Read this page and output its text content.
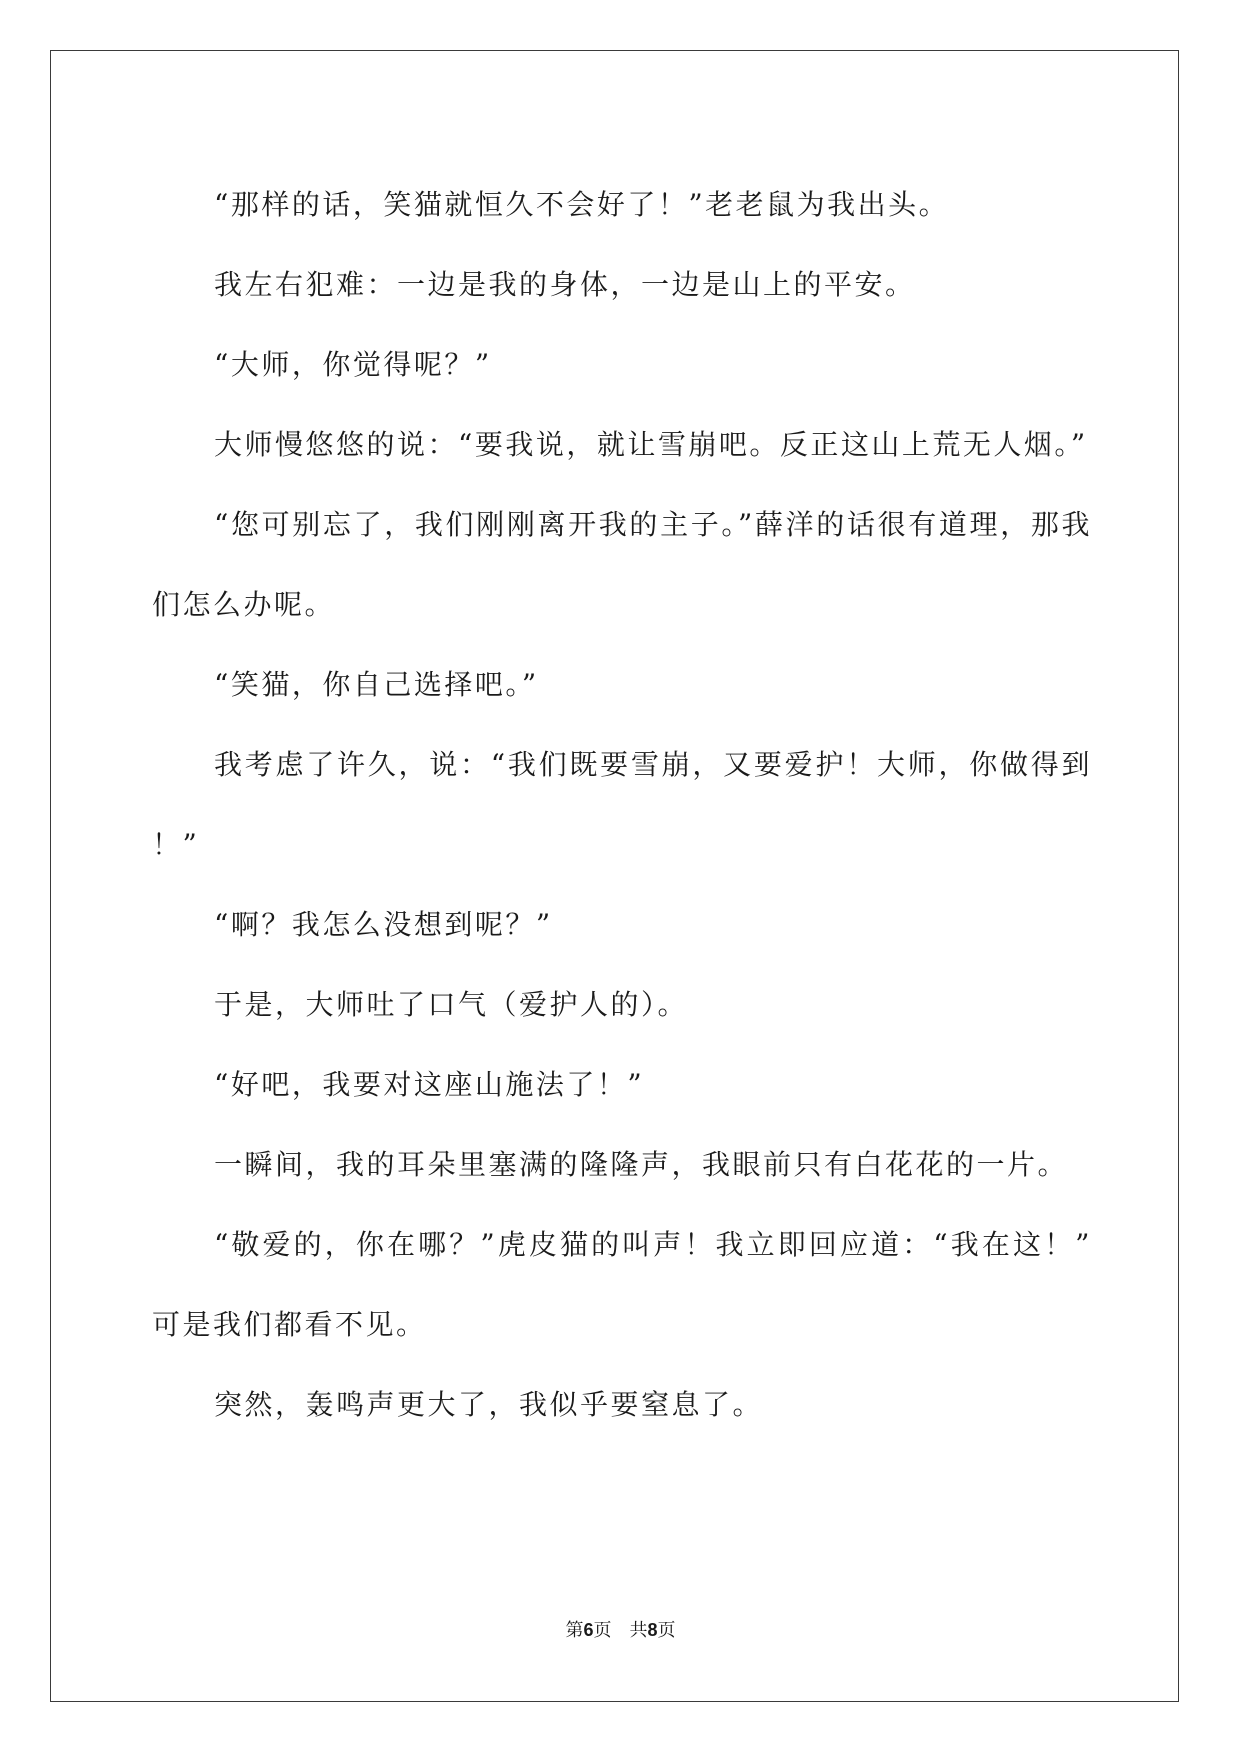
“那样的话，笑猫就恒久不会好了！”老老鼠为我出头。

我左右犯难：一边是我的身体，一边是山上的平安。

“大师，你觉得呢？”

大师慢悠悠的说：“要我说，就让雪崩吧。反正这山上荒无人烟。”

“您可别忘了，我们刚刚离开我的主子。”薛洋的话很有道理，那我们怎么办呢。

“笑猫，你自己选择吧。”

我考虑了许久，说：“我们既要雪崩，又要爱护！大师，你做得到！”

“啊？我怎么没想到呢？”

于是，大师吐了口气（爱护人的）。

“好吧，我要对这座山施法了！”

一瞬间，我的耳朵里塞满的隆隆声，我眼前只有白花花的一片。

“敬爱的，你在哪？”虎皮猫的叫声！我立即回应道：“我在这！”可是我们都看不见。

突然，轰鸣声更大了，我似乎要窒息了。

第6页　共8页
